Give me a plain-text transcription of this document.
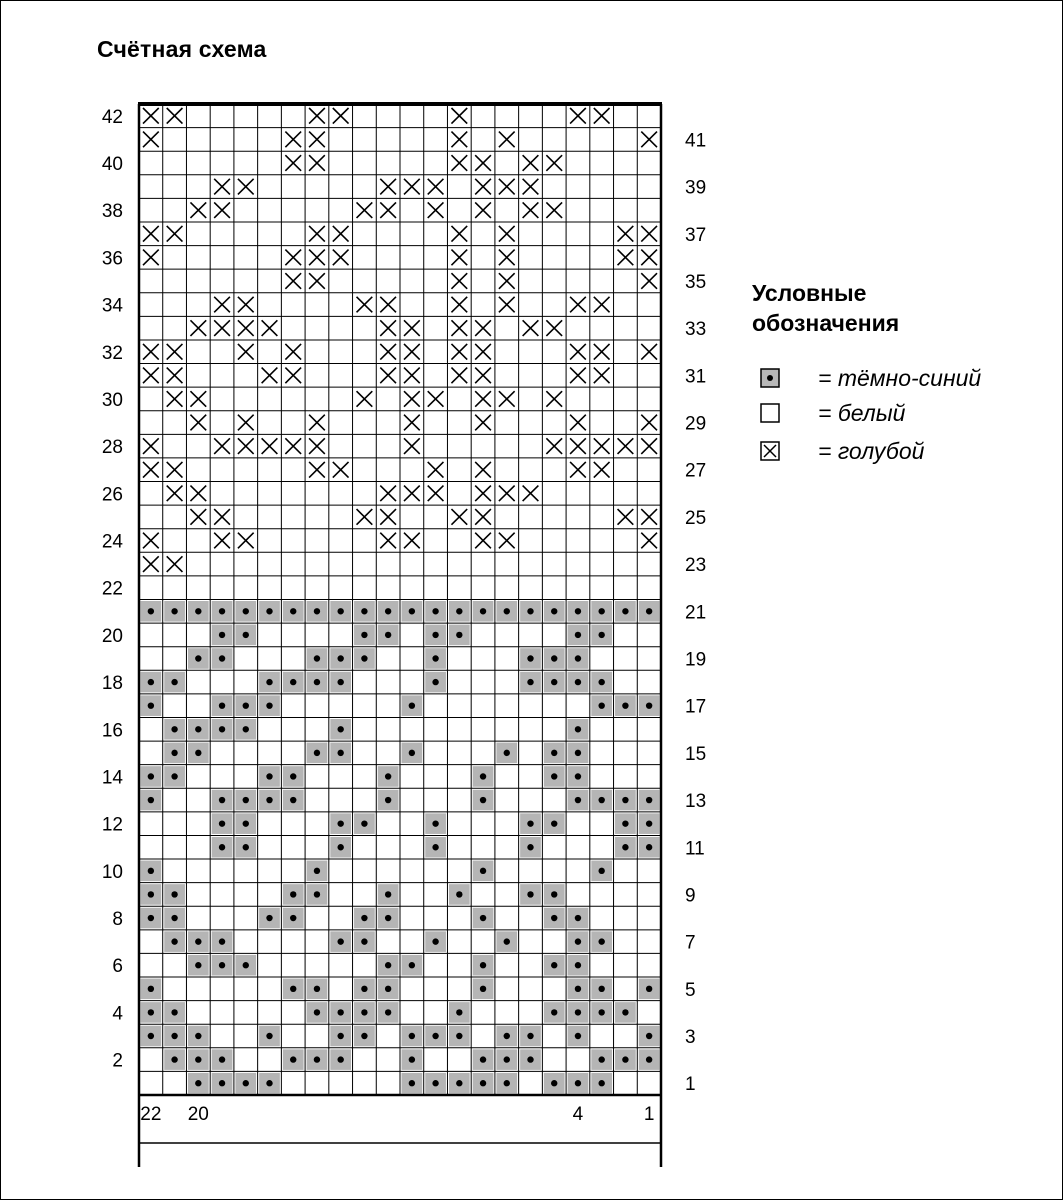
Счётная схема
2
4
6
8
10
12
14
16
18
20
22
24
26
28
30
32
34
36
38
40
42
1
3
5
7
9
11
13
15
17
19
21
23
25
27
29
31
33
35
37
39
41
22 20	4	1
Условные
обозначения
= тёмно-синий
= белый
= голубой
